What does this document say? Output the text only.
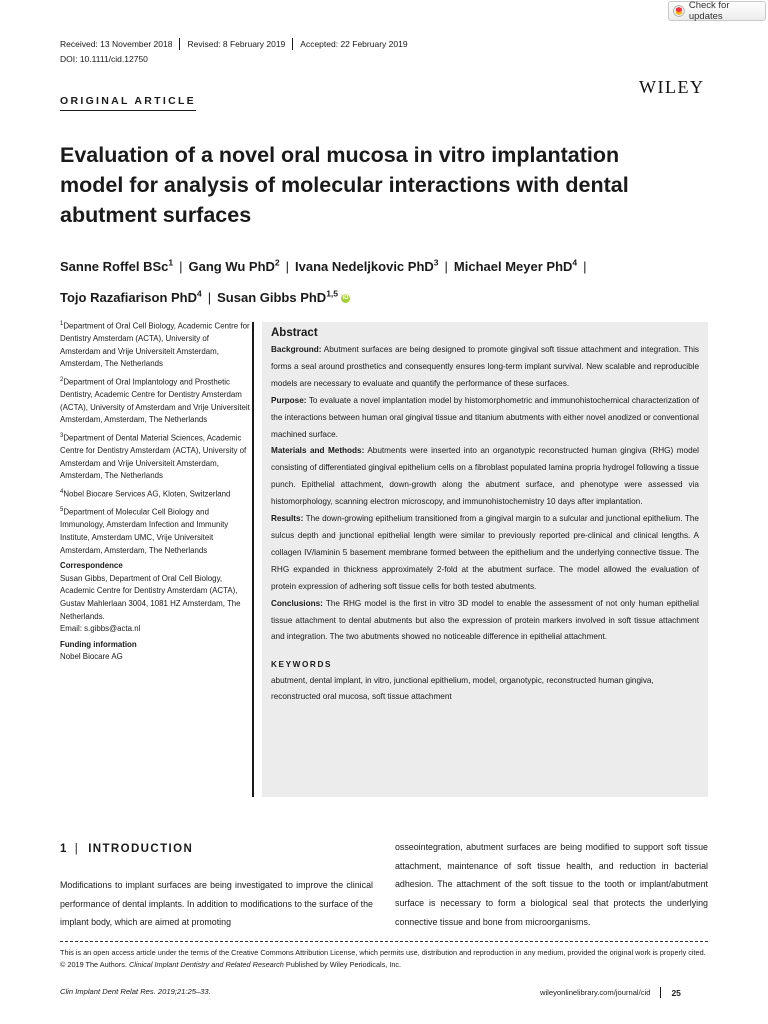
Check for updates
Received: 13 November 2018 Revised: 8 February 2019 Accepted: 22 February 2019
DOI: 10.1111/cid.12750
WILEY
ORIGINAL ARTICLE
Evaluation of a novel oral mucosa in vitro implantation model for analysis of molecular interactions with dental abutment surfaces

Sanne Roffel BSc$^1$ | Gang Wu PhD$^2$ | Ivana Nedeljkovic PhD$^3$ | Michael Meyer PhD$^4$ |
Tojo Razafiarison PhD$^4$ | Susan Gibbs PhD$^{1,5}$ iD

$^1$Department of Oral Cell Biology, Academic Centre for Dentistry Amsterdam (ACTA), University of Amsterdam and Vrije Universiteit Amsterdam, Amsterdam, The Netherlands

$^2$Department of Oral Implantology and Prosthetic Dentistry, Academic Centre for Dentistry Amsterdam (ACTA), University of Amsterdam and Vrije Universiteit Amsterdam, Amsterdam, The Netherlands

$^3$Department of Dental Material Sciences, Academic Centre for Dentistry Amsterdam (ACTA), University of Amsterdam and Vrije Universiteit Amsterdam, Amsterdam, The Netherlands

$^4$Nobel Biocare Services AG, Kloten, Switzerland

$^5$Department of Molecular Cell Biology and Immunology, Amsterdam Infection and Immunity Institute, Amsterdam UMC, Vrije Universiteit Amsterdam, Amsterdam, The Netherlands

Correspondence

Susan Gibbs, Department of Oral Cell Biology, Academic Centre for Dentistry Amsterdam (ACTA), Gustav Mahlerlaan 3004, 1081 HZ Amsterdam, The Netherlands.
Email: s.gibbs@acta.nl

Funding information

Nobel Biocare AG

Abstract

Background: Abutment surfaces are being designed to promote gingival soft tissue attachment and integration. This forms a seal around prosthetics and consequently ensures long-term implant survival. New scalable and reproducible models are necessary to evaluate and quantify the performance of these surfaces.

Purpose: To evaluate a novel implantation model by histomorphometric and immunohistochemical characterization of the interactions between human oral gingival tissue and titanium abutments with either novel anodized or conventional machined surface.

Materials and Methods: Abutments were inserted into an organotypic reconstructed human gingiva (RHG) model consisting of differentiated gingival epithelium cells on a fibroblast populated lamina propria hydrogel following a tissue punch. Epithelial attachment, down-growth along the abutment surface, and phenotype were assessed via histomorphology, scanning electron microscopy, and immunohistochemistry 10 days after implantation.

Results: The down-growing epithelium transitioned from a gingival margin to a sulcular and junctional epithelium. The sulcus depth and junctional epithelial length were similar to previously reported pre-clinical and clinical lengths. A collagen IV/laminin 5 basement membrane formed between the epithelium and the underlying connective tissue. The RHG expanded in thickness approximately 2-fold at the abutment surface. The model allowed the evaluation of protein expression of adhering soft tissue cells for both tested abutments.

Conclusions: The RHG model is the first in vitro 3D model to enable the assessment of not only human epithelial tissue attachment to dental abutments but also the expression of protein markers involved in soft tissue attachment and integration. The two abutments showed no noticeable difference in epithelial attachment.

KEYWORDS

abutment, dental implant, in vitro, junctional epithelium, model, organotypic, reconstructed human gingiva, reconstructed oral mucosa, soft tissue attachment

1 | INTRODUCTION

Modifications to implant surfaces are being investigated to improve the clinical performance of dental implants. In addition to modifications to the surface of the implant body, which are aimed at promoting

osseointegration, abutment surfaces are being modified to support soft tissue attachment, maintenance of soft tissue health, and reduction in bacterial adhesion. The attachment of the soft tissue to the tooth or implant/abutment surface is necessary to form a biological seal that protects the underlying connective tissue and bone from microorganisms.

This is an open access article under the terms of the Creative Commons Attribution License, which permits use, distribution and reproduction in any medium, provided the original work is properly cited.

© 2019 The Authors. Clinical Implant Dentistry and Related Research Published by Wiley Periodicals, Inc.

Clin Implant Dent Relat Res. 2019;21:25–33.	wileyonlinelibrary.com/journal/cid 25
